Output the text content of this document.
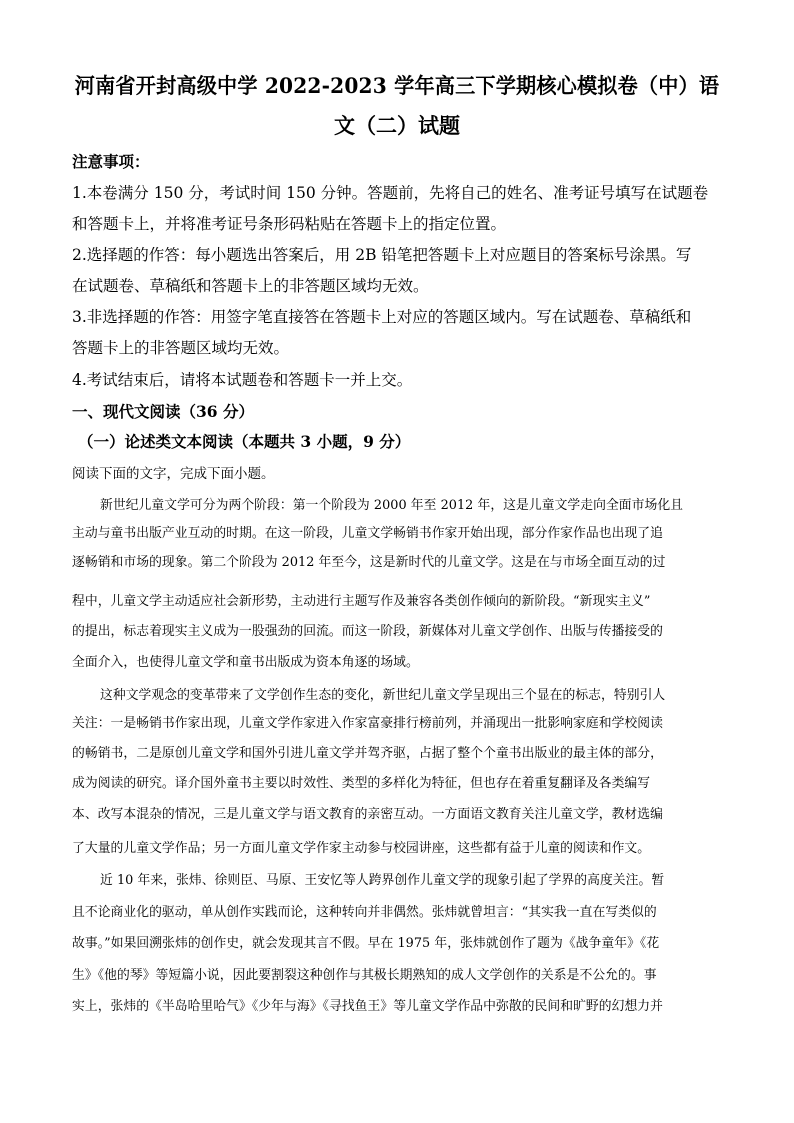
河南省开封高级中学 2022-2023 学年高三下学期核心模拟卷（中）语
文（二）试题
注意事项：
1.本卷满分 150 分，考试时间 150 分钟。答题前，先将自己的姓名、准考证号填写在试题卷
和答题卡上，并将准考证号条形码粘贴在答题卡上的指定位置。
2.选择题的作答：每小题选出答案后，用 2B 铅笔把答题卡上对应题目的答案标号涂黑。写
在试题卷、草稿纸和答题卡上的非答题区域均无效。
3.非选择题的作答：用签字笔直接答在答题卡上对应的答题区域内。写在试题卷、草稿纸和
答题卡上的非答题区域均无效。
4.考试结束后，请将本试题卷和答题卡一并上交。
一、现代文阅读（36 分）
（一）论述类文本阅读（本题共 3 小题，9 分）
阅读下面的文字，完成下面小题。
新世纪儿童文学可分为两个阶段：第一个阶段为 2000 年至 2012 年，这是儿童文学走向全面市场化且
主动与童书出版产业互动的时期。在这一阶段，儿童文学畅销书作家开始出现，部分作家作品也出现了追
逐畅销和市场的现象。第二个阶段为 2012 年至今，这是新时代的儿童文学。这是在与市场全面互动的过
程中，儿童文学主动适应社会新形势，主动进行主题写作及兼容各类创作倾向的新阶段。“新现实主义”
的提出，标志着现实主义成为一股强劲的回流。而这一阶段，新媒体对儿童文学创作、出版与传播接受的
全面介入，也使得儿童文学和童书出版成为资本角逐的场域。
这种文学观念的变革带来了文学创作生态的变化，新世纪儿童文学呈现出三个显在的标志，特别引人
关注：一是畅销书作家出现，儿童文学作家进入作家富豪排行榜前列，并涌现出一批影响家庭和学校阅读
的畅销书，二是原创儿童文学和国外引进儿童文学并驾齐驱，占据了整个个童书出版业的最主体的部分，
成为阅读的研究。译介国外童书主要以时效性、类型的多样化为特征，但也存在着重复翻译及各类编写
本、改写本混杂的情况，三是儿童文学与语文教育的亲密互动。一方面语文教育关注儿童文学，教材选编
了大量的儿童文学作品；另一方面儿童文学作家主动参与校园讲座，这些都有益于儿童的阅读和作文。
近 10 年来，张炜、徐则臣、马原、王安忆等人跨界创作儿童文学的现象引起了学界的高度关注。暂
且不论商业化的驱动，单从创作实践而论，这种转向并非偶然。张炜就曾坦言：“其实我一直在写类似的
故事。”如果回溯张炜的创作史，就会发现其言不假。早在 1975 年，张炜就创作了题为《战争童年》《花
生》《他的琴》等短篇小说，因此要割裂这种创作与其极长期熟知的成人文学创作的关系是不公允的。事
实上，张炜的《半岛哈里哈气》《少年与海》《寻找鱼王》等儿童文学作品中弥散的民间和旷野的幻想力并
